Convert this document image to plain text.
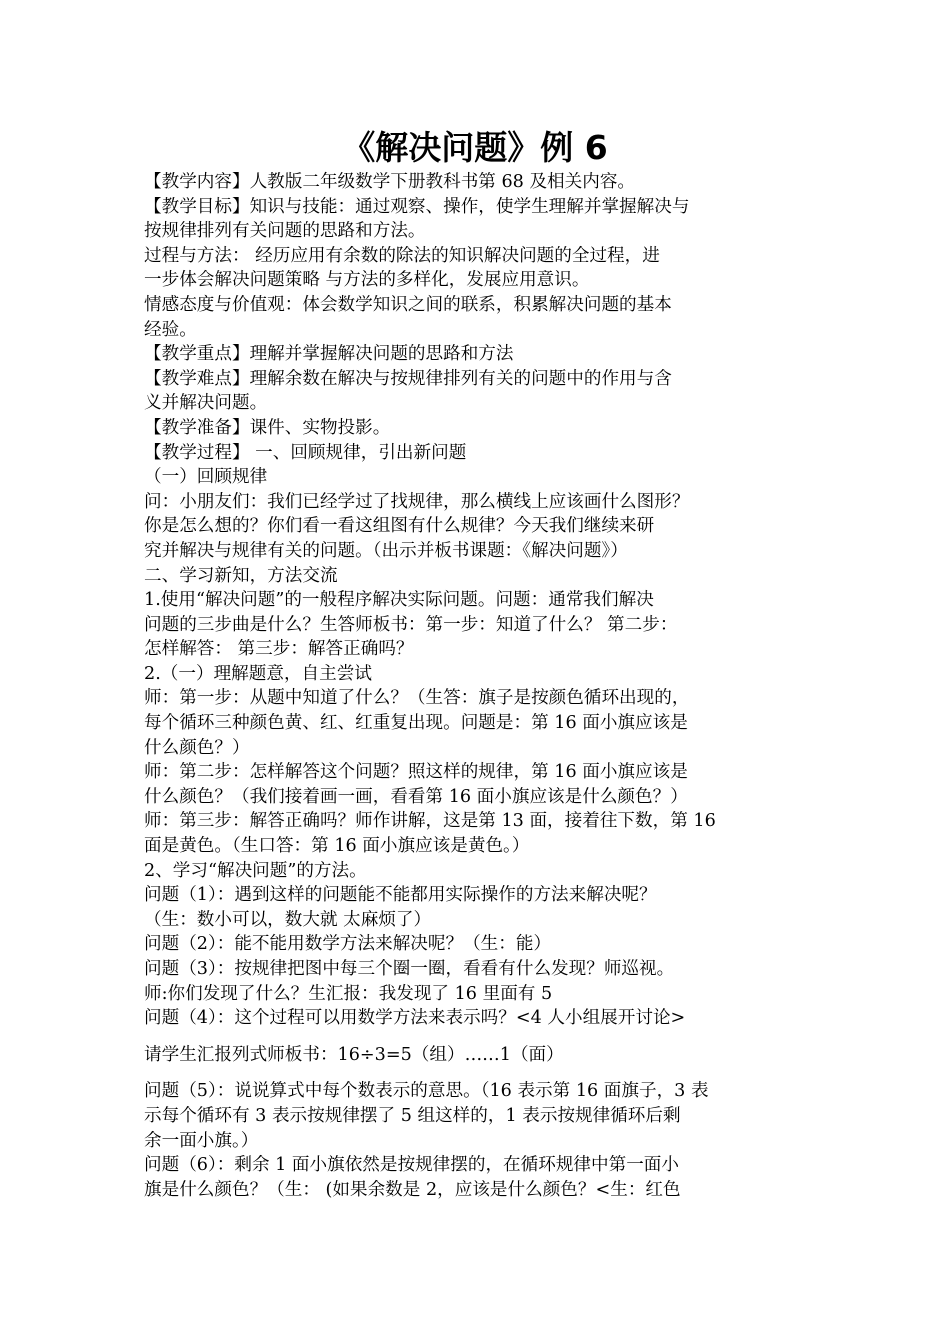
《解决问题》例 6
【教学内容】人教版二年级数学下册教科书第 68 及相关内容。
【教学目标】知识与技能：通过观察、操作，使学生理解并掌握解决与
按规律排列有关问题的思路和方法。
过程与方法： 经历应用有余数的除法的知识解决问题的全过程，进
一步体会解决问题策略 与方法的多样化，发展应用意识。
情感态度与价值观：体会数学知识之间的联系，积累解决问题的基本
经验。
【教学重点】理解并掌握解决问题的思路和方法
【教学难点】理解余数在解决与按规律排列有关的问题中的作用与含
义并解决问题。
【教学准备】课件、实物投影。
【教学过程】 一、回顾规律，引出新问题
（一）回顾规律
问：小朋友们：我们已经学过了找规律，那么横线上应该画什么图形？
你是怎么想的？你们看一看这组图有什么规律？今天我们继续来研
究并解决与规律有关的问题。（出示并板书课题：《解决问题》）
二、学习新知，方法交流
1.使用“解决问题”的一般程序解决实际问题。问题：通常我们解决
问题的三步曲是什么？生答师板书：第一步：知道了什么？ 第二步：
怎样解答： 第三步：解答正确吗？
2.（一）理解题意，自主尝试
师：第一步：从题中知道了什么？（生答：旗子是按颜色循环出现的，
每个循环三种颜色黄、红、红重复出现。问题是：第 16 面小旗应该是
什么颜色？）
师：第二步：怎样解答这个问题？照这样的规律，第 16 面小旗应该是
什么颜色？（我们接着画一画，看看第 16 面小旗应该是什么颜色？）
师：第三步：解答正确吗？师作讲解，这是第 13 面，接着往下数，第 16
面是黄色。（生口答：第 16 面小旗应该是黄色。）
2、学习“解决问题”的方法。
问题（1）：遇到这样的问题能不能都用实际操作的方法来解决呢？
（生：数小可以，数大就 太麻烦了）
问题（2）：能不能用数学方法来解决呢？（生：能）
问题（3）：按规律把图中每三个圈一圈，看看有什么发现？师巡视。
师:你们发现了什么？生汇报：我发现了 16 里面有 5
问题（4）：这个过程可以用数学方法来表示吗？<4 人小组展开讨论>
请学生汇报列式师板书：16÷3=5（组）……1（面）
问题（5）：说说算式中每个数表示的意思。（16 表示第 16 面旗子，3 表
示每个循环有 3 表示按规律摆了 5 组这样的，1 表示按规律循环后剩
余一面小旗。）
问题（6）：剩余 1 面小旗依然是按规律摆的，在循环规律中第一面小
旗是什么颜色？（生： (如果余数是 2，应该是什么颜色？<生：红色
